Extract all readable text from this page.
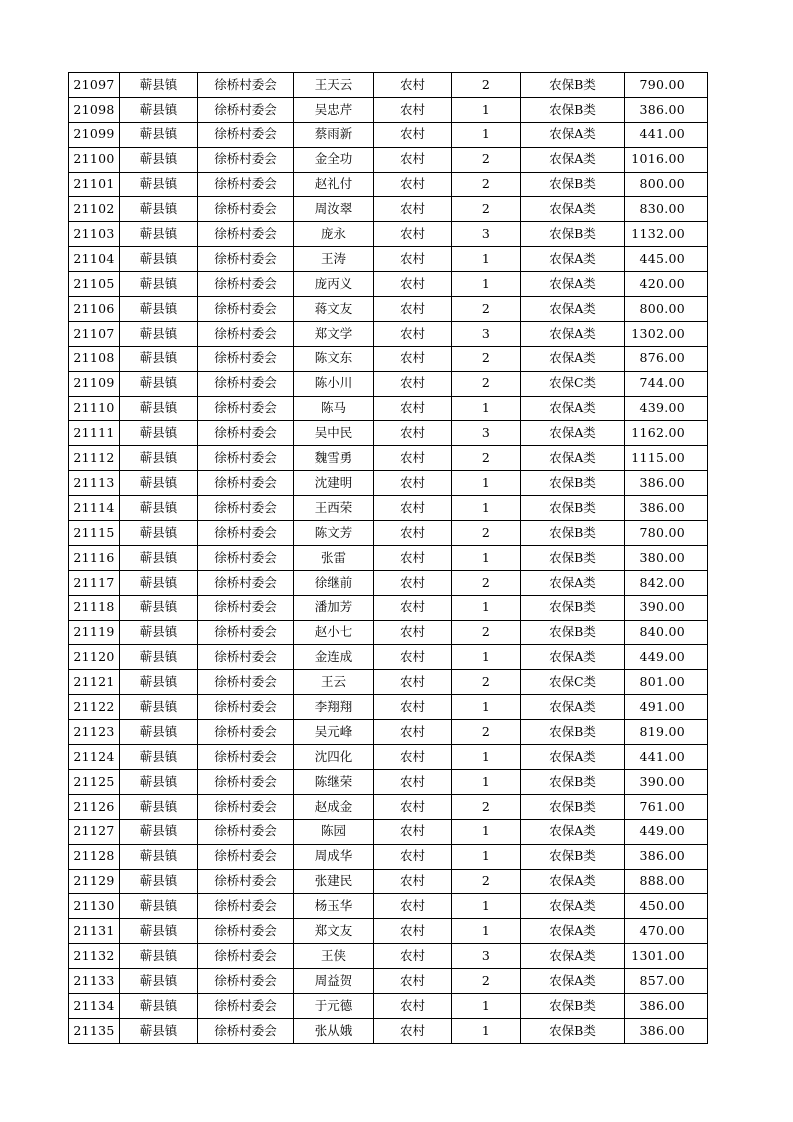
21097	蕲县镇	徐桥村委会	王天云	农村	2	农保B类	790.00
21098	蕲县镇	徐桥村委会	吴忠芹	农村	1	农保B类	386.00
21099	蕲县镇	徐桥村委会	蔡雨新	农村	1	农保A类	441.00
21100	蕲县镇	徐桥村委会	金全功	农村	2	农保A类	1016.00
21101	蕲县镇	徐桥村委会	赵礼付	农村	2	农保B类	800.00
21102	蕲县镇	徐桥村委会	周汝翠	农村	2	农保A类	830.00
21103	蕲县镇	徐桥村委会	庞永	农村	3	农保B类	1132.00
21104	蕲县镇	徐桥村委会	王涛	农村	1	农保A类	445.00
21105	蕲县镇	徐桥村委会	庞丙义	农村	1	农保A类	420.00
21106	蕲县镇	徐桥村委会	蒋文友	农村	2	农保A类	800.00
21107	蕲县镇	徐桥村委会	郑文学	农村	3	农保A类	1302.00
21108	蕲县镇	徐桥村委会	陈文东	农村	2	农保A类	876.00
21109	蕲县镇	徐桥村委会	陈小川	农村	2	农保C类	744.00
21110	蕲县镇	徐桥村委会	陈马	农村	1	农保A类	439.00
21111	蕲县镇	徐桥村委会	吴中民	农村	3	农保A类	1162.00
21112	蕲县镇	徐桥村委会	魏雪勇	农村	2	农保A类	1115.00
21113	蕲县镇	徐桥村委会	沈建明	农村	1	农保B类	386.00
21114	蕲县镇	徐桥村委会	王西荣	农村	1	农保B类	386.00
21115	蕲县镇	徐桥村委会	陈文芳	农村	2	农保B类	780.00
21116	蕲县镇	徐桥村委会	张雷	农村	1	农保B类	380.00
21117	蕲县镇	徐桥村委会	徐继前	农村	2	农保A类	842.00
21118	蕲县镇	徐桥村委会	潘加芳	农村	1	农保B类	390.00
21119	蕲县镇	徐桥村委会	赵小七	农村	2	农保B类	840.00
21120	蕲县镇	徐桥村委会	金连成	农村	1	农保A类	449.00
21121	蕲县镇	徐桥村委会	王云	农村	2	农保C类	801.00
21122	蕲县镇	徐桥村委会	李翔翔	农村	1	农保A类	491.00
21123	蕲县镇	徐桥村委会	吴元峰	农村	2	农保B类	819.00
21124	蕲县镇	徐桥村委会	沈四化	农村	1	农保A类	441.00
21125	蕲县镇	徐桥村委会	陈继荣	农村	1	农保B类	390.00
21126	蕲县镇	徐桥村委会	赵成金	农村	2	农保B类	761.00
21127	蕲县镇	徐桥村委会	陈园	农村	1	农保A类	449.00
21128	蕲县镇	徐桥村委会	周成华	农村	1	农保B类	386.00
21129	蕲县镇	徐桥村委会	张建民	农村	2	农保A类	888.00
21130	蕲县镇	徐桥村委会	杨玉华	农村	1	农保A类	450.00
21131	蕲县镇	徐桥村委会	郑文友	农村	1	农保A类	470.00
21132	蕲县镇	徐桥村委会	王侠	农村	3	农保A类	1301.00
21133	蕲县镇	徐桥村委会	周益贺	农村	2	农保A类	857.00
21134	蕲县镇	徐桥村委会	于元德	农村	1	农保B类	386.00
21135	蕲县镇	徐桥村委会	张从娥	农村	1	农保B类	386.00
